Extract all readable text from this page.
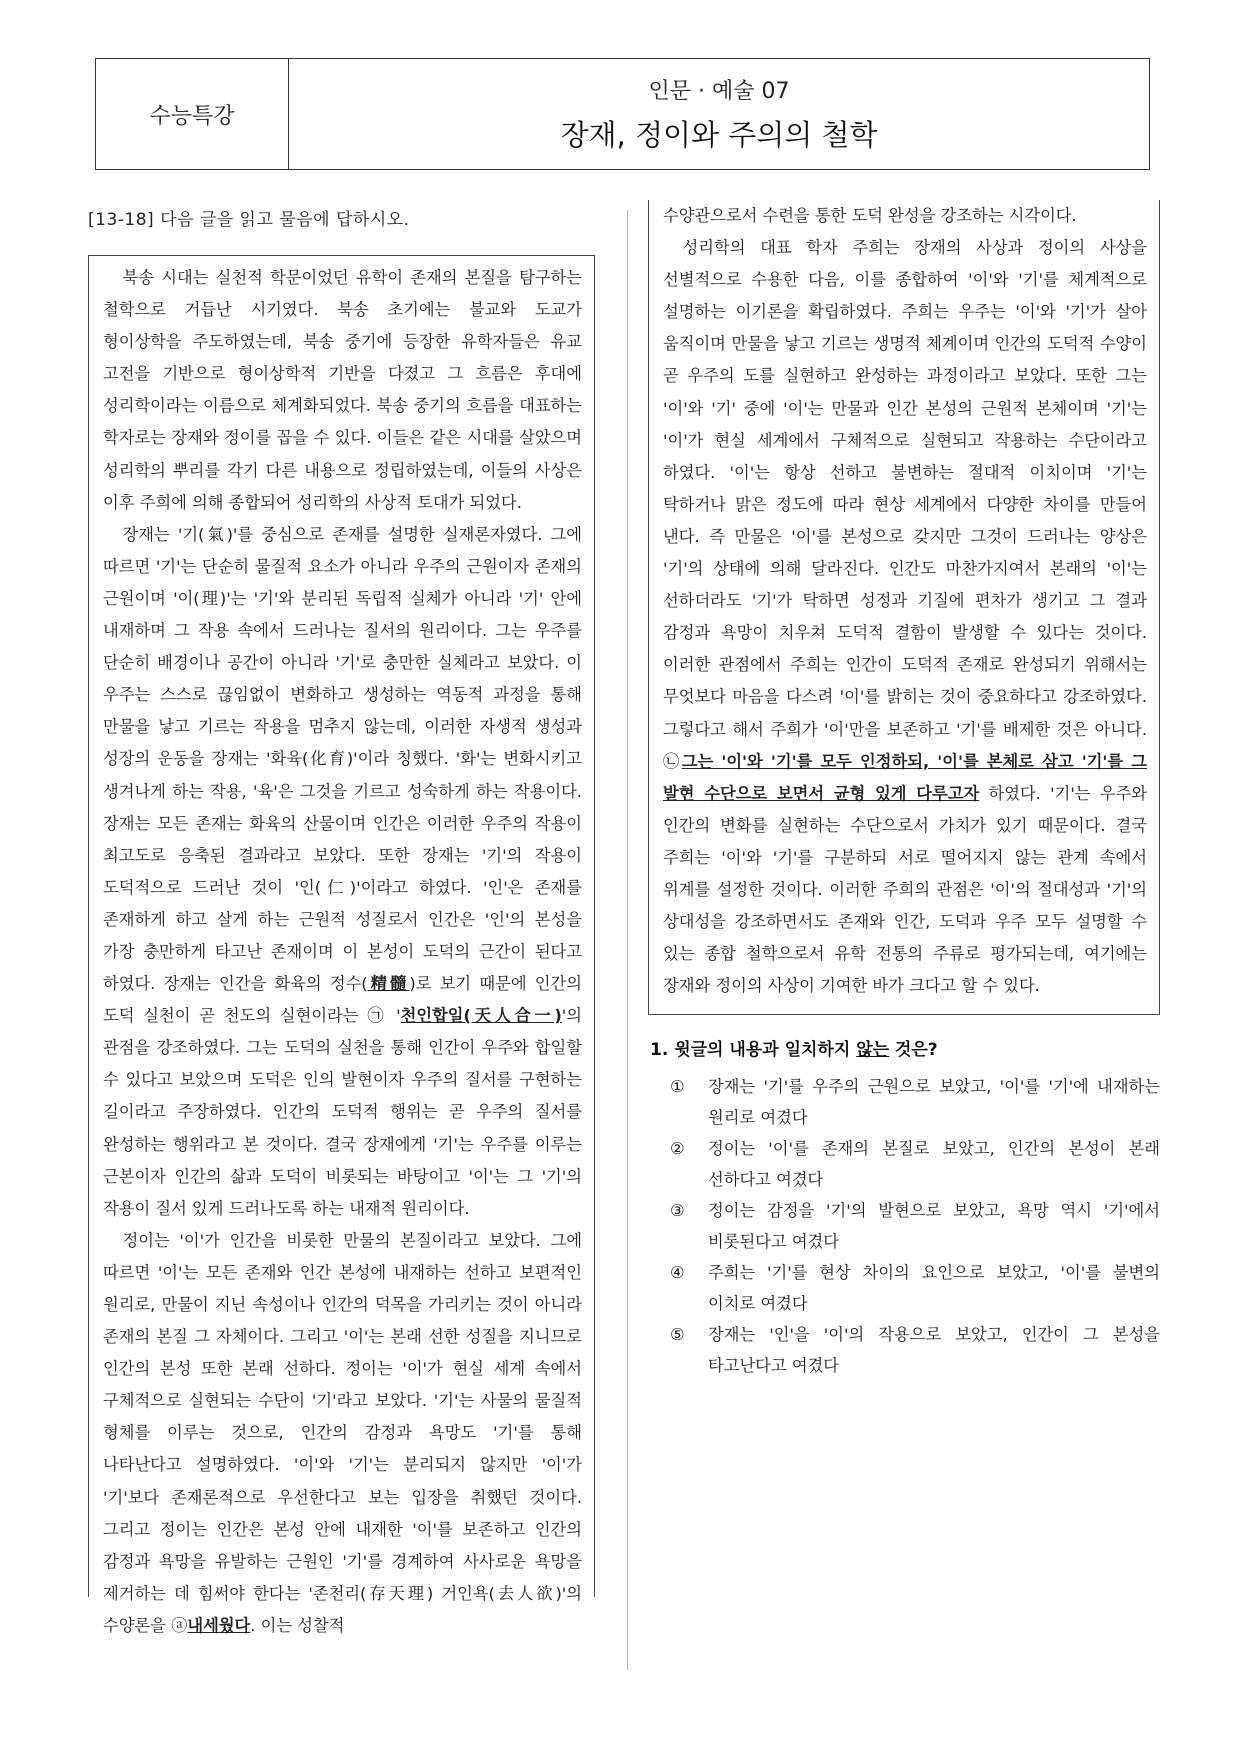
수능특강
인문 · 예술 07
장재, 정이와 주의의 철학
[13-18] 다음 글을 읽고 물음에 답하시오.

북송 시대는 실천적 학문이었던 유학이 존재의 본질을 탐구하는 철학으로 거듭난 시기였다. 북송 초기에는 불교와 도교가 형이상학을 주도하였는데, 북송 중기에 등장한 유학자들은 유교 고전을 기반으로 형이상학적 기반을 다졌고 그 흐름은 후대에 성리학이라는 이름으로 체계화되었다. 북송 중기의 흐름을 대표하는 학자로는 장재와 정이를 꼽을 수 있다. 이들은 같은 시대를 살았으며 성리학의 뿌리를 각기 다른 내용으로 정립하였는데, 이들의 사상은 이후 주희에 의해 종합되어 성리학의 사상적 토대가 되었다.

장재는 '기(氣)'를 중심으로 존재를 설명한 실재론자였다. 그에 따르면 '기'는 단순히 물질적 요소가 아니라 우주의 근원이자 존재의 근원이며 '이(理)'는 '기'와 분리된 독립적 실체가 아니라 '기' 안에 내재하며 그 작용 속에서 드러나는 질서의 원리이다. 그는 우주를 단순히 배경이나 공간이 아니라 '기'로 충만한 실체라고 보았다. 이 우주는 스스로 끊임없이 변화하고 생성하는 역동적 과정을 통해 만물을 낳고 기르는 작용을 멈추지 않는데, 이러한 자생적 생성과 성장의 운동을 장재는 '화육(化育)'이라 칭했다. '화'는 변화시키고 생겨나게 하는 작용, '육'은 그것을 기르고 성숙하게 하는 작용이다. 장재는 모든 존재는 화육의 산물이며 인간은 이러한 우주의 작용이 최고도로 응축된 결과라고 보았다. 또한 장재는 '기'의 작용이 도덕적으로 드러난 것이 '인(仁)'이라고 하였다. '인'은 존재를 존재하게 하고 살게 하는 근원적 성질로서 인간은 '인'의 본성을 가장 충만하게 타고난 존재이며 이 본성이 도덕의 근간이 된다고 하였다. 장재는 인간을 화육의 정수(精髓)로 보기 때문에 인간의 도덕 실천이 곧 천도의 실현이라는 ㉠ '천인합일(天人合一)'의 관점을 강조하였다. 그는 도덕의 실천을 통해 인간이 우주와 합일할 수 있다고 보았으며 도덕은 인의 발현이자 우주의 질서를 구현하는 길이라고 주장하였다. 인간의 도덕적 행위는 곧 우주의 질서를 완성하는 행위라고 본 것이다. 결국 장재에게 '기'는 우주를 이루는 근본이자 인간의 삶과 도덕이 비롯되는 바탕이고 '이'는 그 '기'의 작용이 질서 있게 드러나도록 하는 내재적 원리이다.

정이는 '이'가 인간을 비롯한 만물의 본질이라고 보았다. 그에 따르면 '이'는 모든 존재와 인간 본성에 내재하는 선하고 보편적인 원리로, 만물이 지닌 속성이나 인간의 덕목을 가리키는 것이 아니라 존재의 본질 그 자체이다. 그리고 '이'는 본래 선한 성질을 지니므로 인간의 본성 또한 본래 선하다. 정이는 '이'가 현실 세계 속에서 구체적으로 실현되는 수단이 '기'라고 보았다. '기'는 사물의 물질적 형체를 이루는 것으로, 인간의 감정과 욕망도 '기'를 통해 나타난다고 설명하였다. '이'와 '기'는 분리되지 않지만 '이'가 '기'보다 존재론적으로 우선한다고 보는 입장을 취했던 것이다. 그리고 정이는 인간은 본성 안에 내재한 '이'를 보존하고 인간의 감정과 욕망을 유발하는 근원인 '기'를 경계하여 사사로운 욕망을 제거하는 데 힘써야 한다는 '존천리(存天理) 거인욕(去人欲)'의 수양론을 ⓐ내세웠다. 이는 성찰적

수양관으로서 수련을 통한 도덕 완성을 강조하는 시각이다.

성리학의 대표 학자 주희는 장재의 사상과 정이의 사상을 선별적으로 수용한 다음, 이를 종합하여 '이'와 '기'를 체계적으로 설명하는 이기론을 확립하였다. 주희는 우주는 '이'와 '기'가 살아 움직이며 만물을 낳고 기르는 생명적 체계이며 인간의 도덕적 수양이 곧 우주의 도를 실현하고 완성하는 과정이라고 보았다. 또한 그는 '이'와 '기' 중에 '이'는 만물과 인간 본성의 근원적 본체이며 '기'는 '이'가 현실 세계에서 구체적으로 실현되고 작용하는 수단이라고 하였다. '이'는 항상 선하고 불변하는 절대적 이치이며 '기'는 탁하거나 맑은 정도에 따라 현상 세계에서 다양한 차이를 만들어 낸다. 즉 만물은 '이'를 본성으로 갖지만 그것이 드러나는 양상은 '기'의 상태에 의해 달라진다. 인간도 마찬가지여서 본래의 '이'는 선하더라도 '기'가 탁하면 성정과 기질에 편차가 생기고 그 결과 감정과 욕망이 치우쳐 도덕적 결함이 발생할 수 있다는 것이다. 이러한 관점에서 주희는 인간이 도덕적 존재로 완성되기 위해서는 무엇보다 마음을 다스려 '이'를 밝히는 것이 중요하다고 강조하였다. 그렇다고 해서 주희가 '이'만을 보존하고 '기'를 배제한 것은 아니다. ㉡그는 '이'와 '기'를 모두 인정하되, '이'를 본체로 삼고 '기'를 그 발현 수단으로 보면서 균형 있게 다루고자 하였다. '기'는 우주와 인간의 변화를 실현하는 수단으로서 가치가 있기 때문이다. 결국 주희는 '이'와 '기'를 구분하되 서로 떨어지지 않는 관계 속에서 위계를 설정한 것이다. 이러한 주희의 관점은 '이'의 절대성과 '기'의 상대성을 강조하면서도 존재와 인간, 도덕과 우주 모두 설명할 수 있는 종합 철학으로서 유학 전통의 주류로 평가되는데, 여기에는 장재와 정이의 사상이 기여한 바가 크다고 할 수 있다.

1. 윗글의 내용과 일치하지 않는 것은?

①	장재는 '기'를 우주의 근원으로 보았고, '이'를 '기'에 내재하는 원리로 여겼다
②	정이는 '이'를 존재의 본질로 보았고, 인간의 본성이 본래 선하다고 여겼다
③	정이는 감정을 '기'의 발현으로 보았고, 욕망 역시 '기'에서 비롯된다고 여겼다
④	주희는 '기'를 현상 차이의 요인으로 보았고, '이'를 불변의 이치로 여겼다
⑤	장재는 '인'을 '이'의 작용으로 보았고, 인간이 그 본성을 타고난다고 여겼다
